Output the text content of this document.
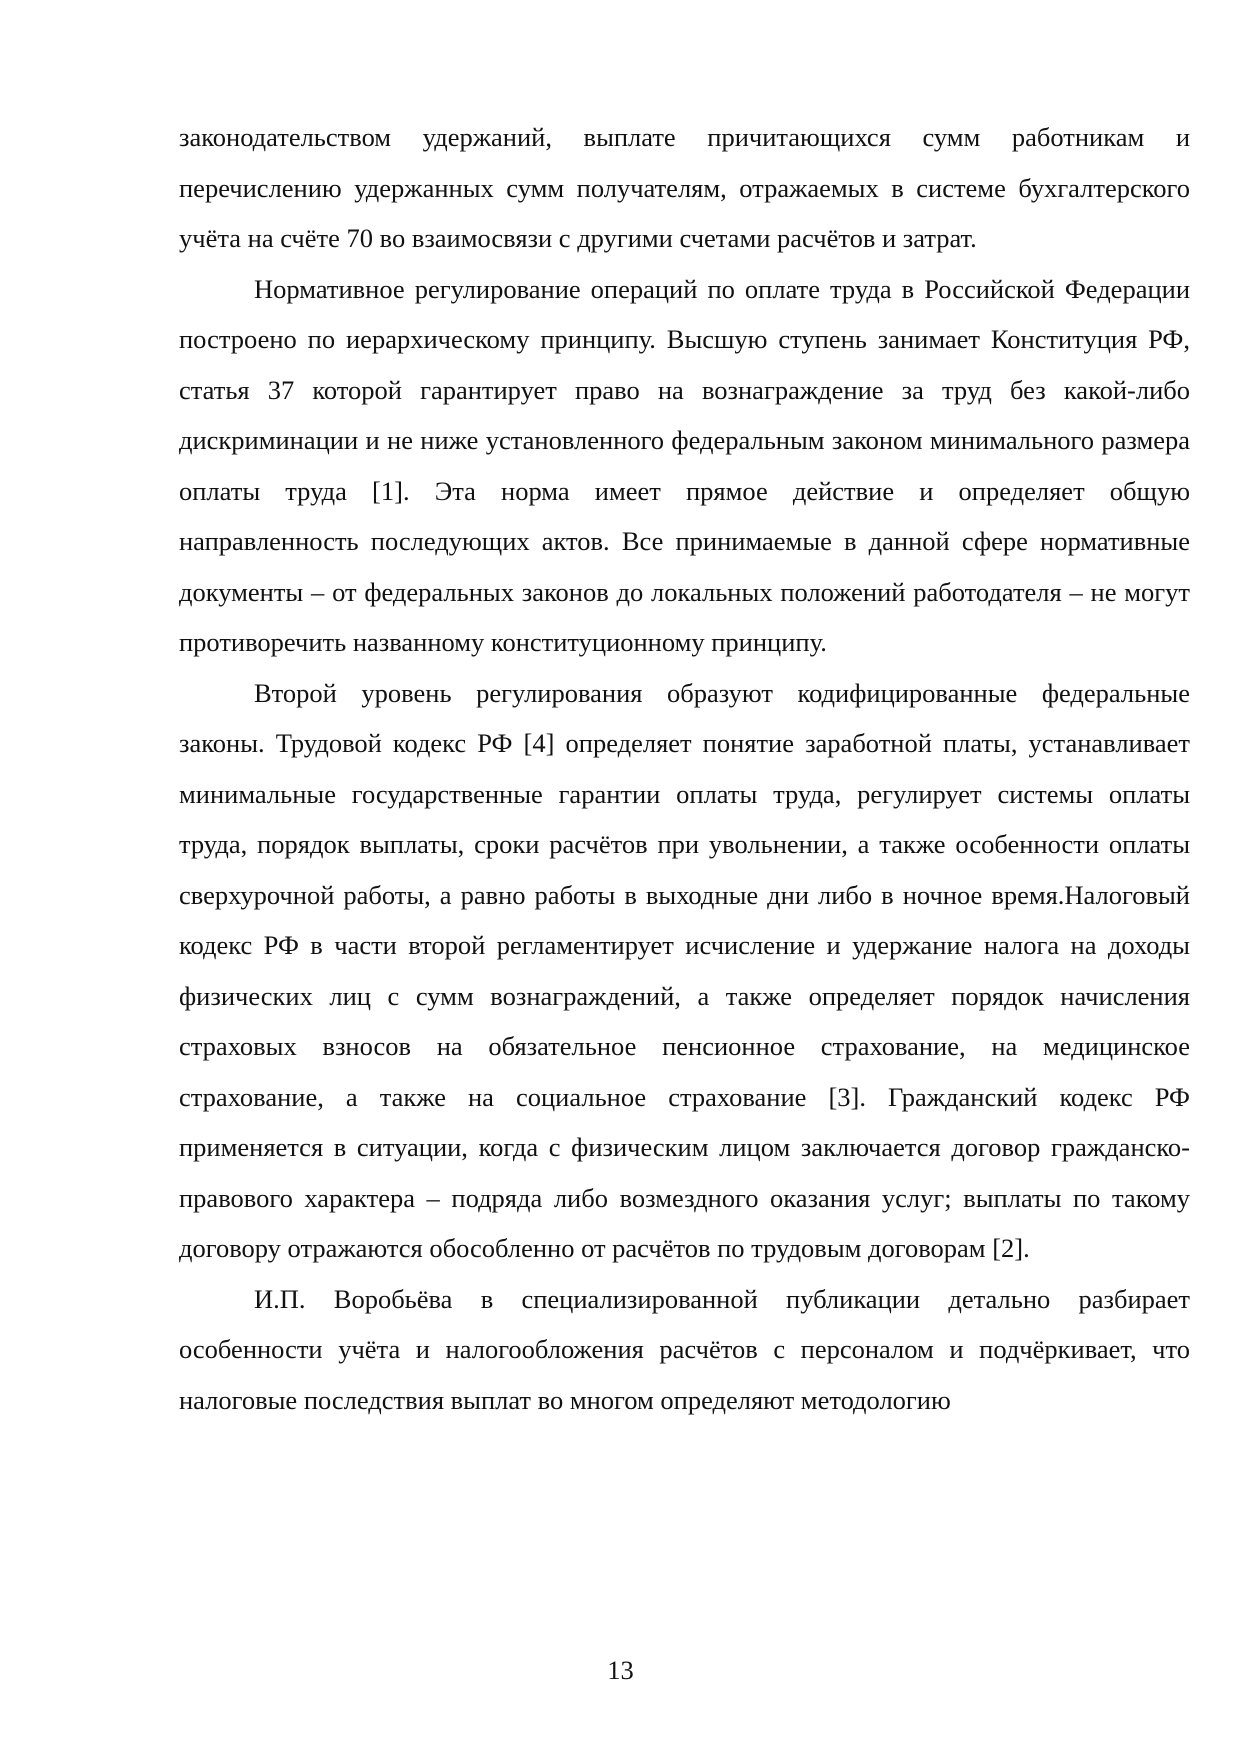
законодательством удержаний, выплате причитающихся сумм работникам и перечислению удержанных сумм получателям, отражаемых в системе бухгалтерского учёта на счёте 70 во взаимосвязи с другими счетами расчётов и затрат.

Нормативное регулирование операций по оплате труда в Российской Федерации построено по иерархическому принципу. Высшую ступень занимает Конституция РФ, статья 37 которой гарантирует право на вознаграждение за труд без какой-либо дискриминации и не ниже установленного федеральным законом минимального размера оплаты труда [1]. Эта норма имеет прямое действие и определяет общую направленность последующих актов. Все принимаемые в данной сфере нормативные документы – от федеральных законов до локальных положений работодателя – не могут противоречить названному конституционному принципу.

Второй уровень регулирования образуют кодифицированные федеральные законы. Трудовой кодекс РФ [4] определяет понятие заработной платы, устанавливает минимальные государственные гарантии оплаты труда, регулирует системы оплаты труда, порядок выплаты, сроки расчётов при увольнении, а также особенности оплаты сверхурочной работы, а равно работы в выходные дни либо в ночное время.Налоговый кодекс РФ в части второй регламентирует исчисление и удержание налога на доходы физических лиц с сумм вознаграждений, а также определяет порядок начисления страховых взносов на обязательное пенсионное страхование, на медицинское страхование, а также на социальное страхование [3]. Гражданский кодекс РФ применяется в ситуации, когда с физическим лицом заключается договор гражданско-правового характера – подряда либо возмездного оказания услуг; выплаты по такому договору отражаются обособленно от расчётов по трудовым договорам [2].

И.П. Воробьёва в специализированной публикации детально разбирает особенности учёта и налогообложения расчётов с персоналом и подчёркивает, что налоговые последствия выплат во многом определяют методологию

13
